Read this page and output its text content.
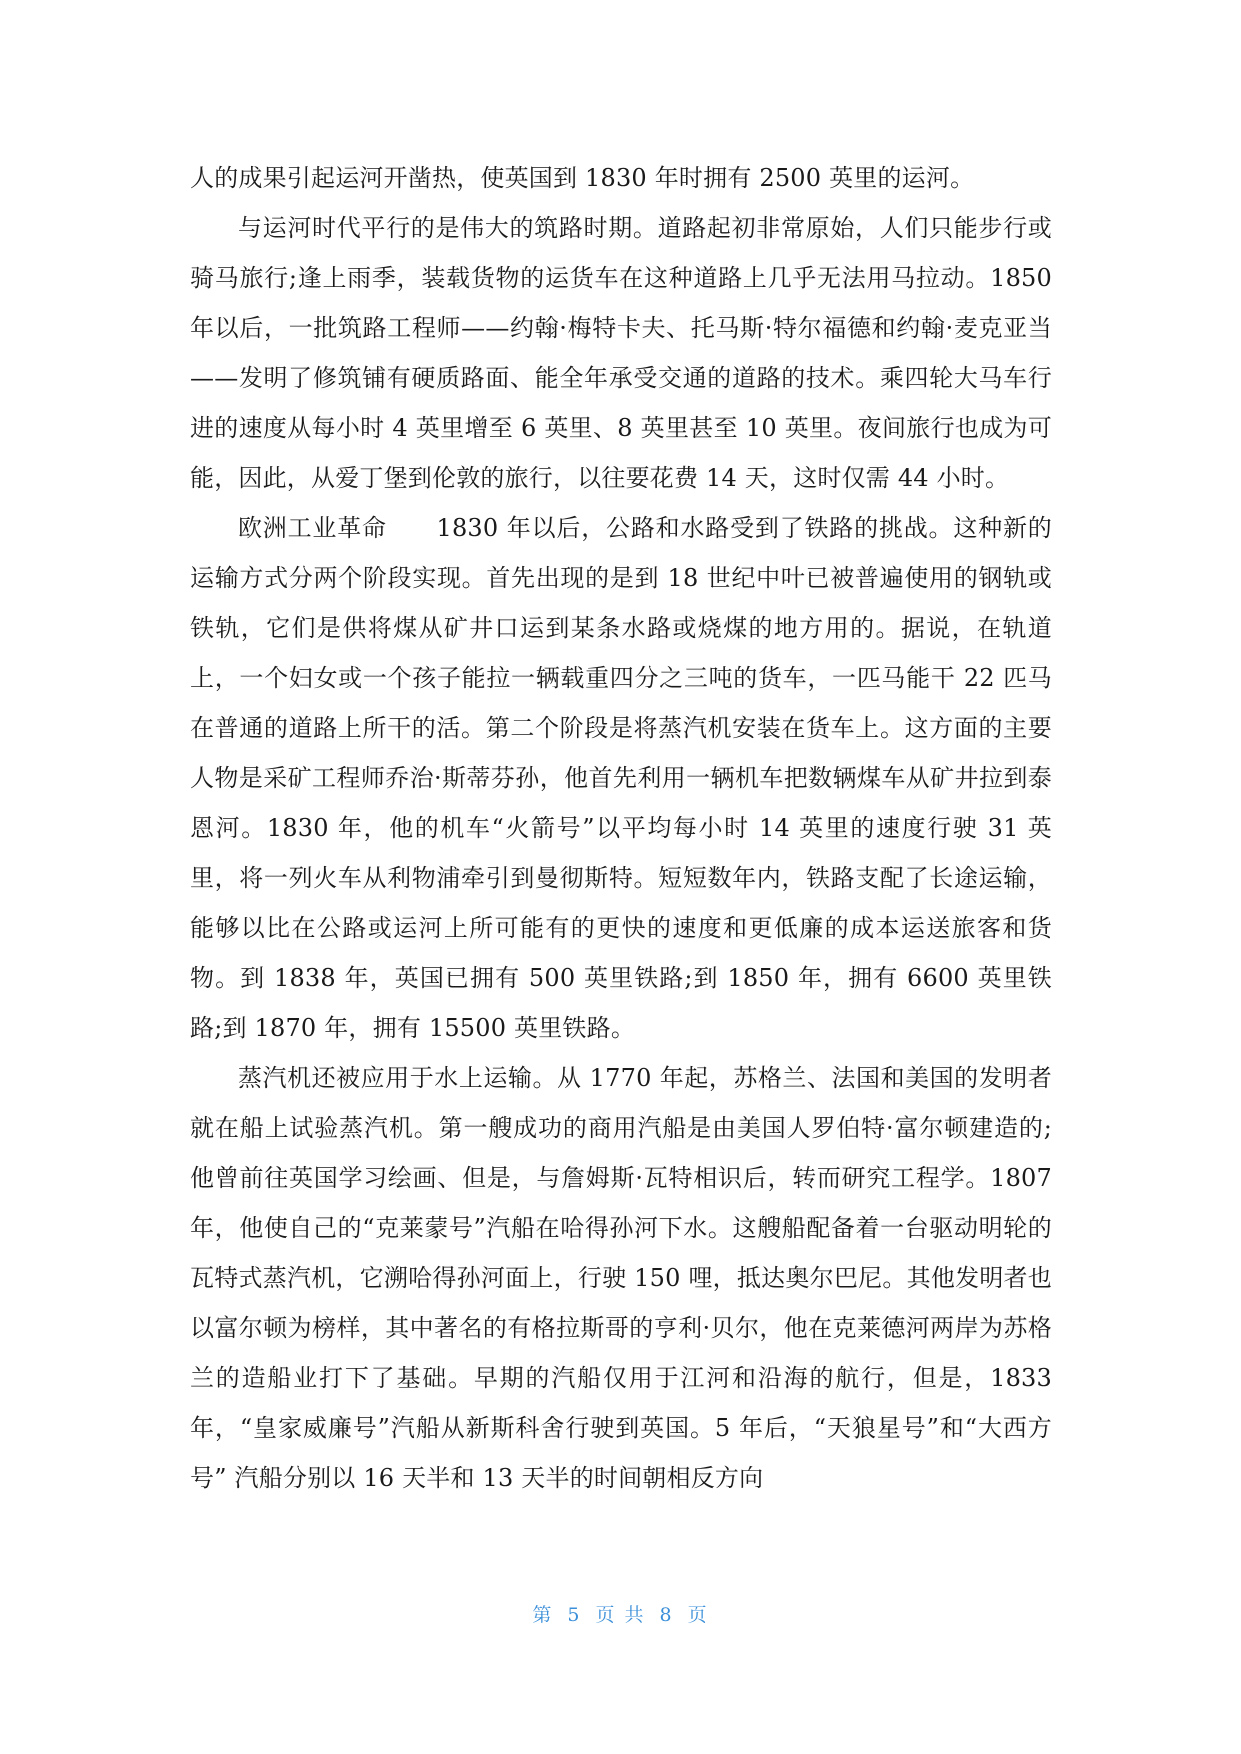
人的成果引起运河开凿热，使英国到 1830 年时拥有 2500 英里的运河。

与运河时代平行的是伟大的筑路时期。道路起初非常原始，人们只能步行或骑马旅行;逢上雨季，装载货物的运货车在这种道路上几乎无法用马拉动。1850 年以后，一批筑路工程师——约翰·梅特卡夫、托马斯·特尔福德和约翰·麦克亚当——发明了修筑铺有硬质路面、能全年承受交通的道路的技术。乘四轮大马车行进的速度从每小时 4 英里增至 6 英里、8 英里甚至 10 英里。夜间旅行也成为可能，因此，从爱丁堡到伦敦的旅行，以往要花费 14 天，这时仅需 44 小时。

欧洲工业革命　　1830 年以后，公路和水路受到了铁路的挑战。这种新的运输方式分两个阶段实现。首先出现的是到 18 世纪中叶已被普遍使用的钢轨或铁轨，它们是供将煤从矿井口运到某条水路或烧煤的地方用的。据说，在轨道上，一个妇女或一个孩子能拉一辆载重四分之三吨的货车，一匹马能干 22 匹马在普通的道路上所干的活。第二个阶段是将蒸汽机安装在货车上。这方面的主要人物是采矿工程师乔治·斯蒂芬孙，他首先利用一辆机车把数辆煤车从矿井拉到泰恩河。1830 年，他的机车“火箭号”以平均每小时 14 英里的速度行驶 31 英里，将一列火车从利物浦牵引到曼彻斯特。短短数年内，铁路支配了长途运输，能够以比在公路或运河上所可能有的更快的速度和更低廉的成本运送旅客和货物。到 1838 年，英国已拥有 500 英里铁路;到 1850 年，拥有 6600 英里铁路;到 1870 年，拥有 15500 英里铁路。

蒸汽机还被应用于水上运输。从 1770 年起，苏格兰、法国和美国的发明者就在船上试验蒸汽机。第一艘成功的商用汽船是由美国人罗伯特·富尔顿建造的;他曾前往英国学习绘画、但是，与詹姆斯·瓦特相识后，转而研究工程学。1807 年，他使自己的“克莱蒙号”汽船在哈得孙河下水。这艘船配备着一台驱动明轮的瓦特式蒸汽机，它溯哈得孙河面上，行驶 150 哩，抵达奥尔巴尼。其他发明者也以富尔顿为榜样，其中著名的有格拉斯哥的亨利·贝尔，他在克莱德河两岸为苏格兰的造船业打下了基础。早期的汽船仅用于江河和沿海的航行，但是，1833 年，“皇家威廉号”汽船从新斯科舍行驶到英国。5 年后，“天狼星号”和“大西方号” 汽船分别以 16 天半和 13 天半的时间朝相反方向

第 5 页 共 8 页
